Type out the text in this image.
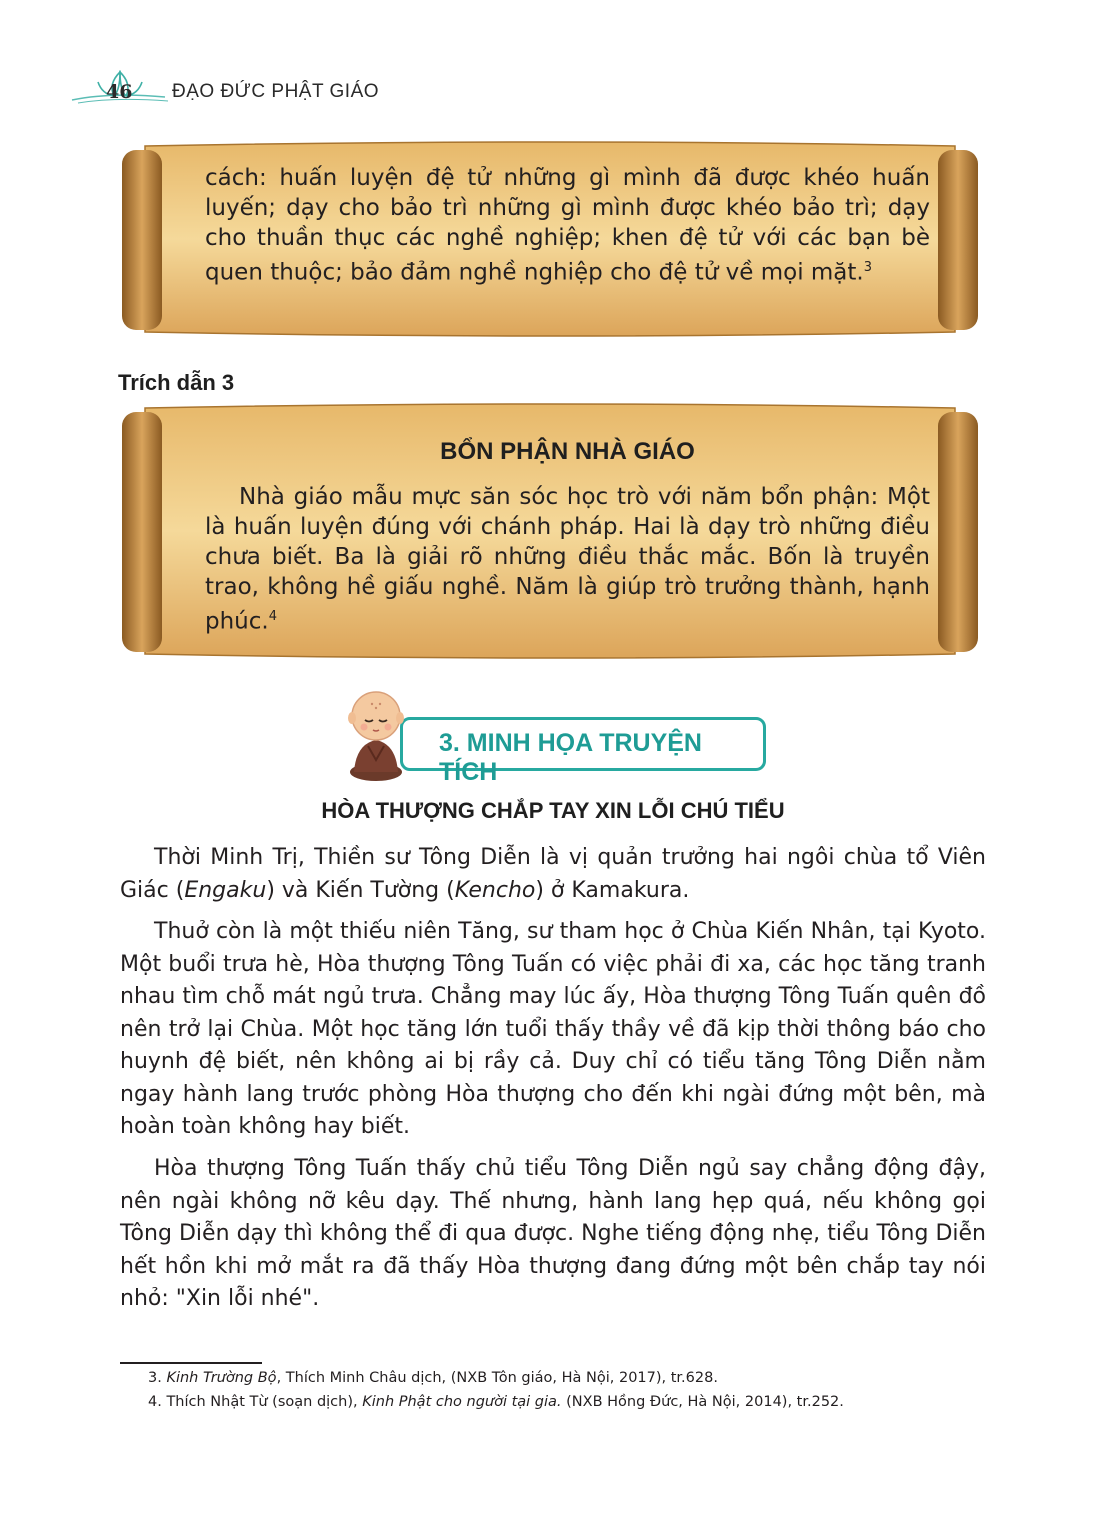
46 ĐẠO ĐỨC PHẬT GIÁO
cách: huấn luyện đệ tử những gì mình đã được khéo huấn luyến; dạy cho bảo trì những gì mình được khéo bảo trì; dạy cho thuần thục các nghề nghiệp; khen đệ tử với các bạn bè quen thuộc; bảo đảm nghề nghiệp cho đệ tử về mọi mặt.$^3$
Trích dẫn 3
BỔN PHẬN NHÀ GIÁO
Nhà giáo mẫu mực săn sóc học trò với năm bổn phận: Một là huấn luyện đúng với chánh pháp. Hai là dạy trò những điều chưa biết. Ba là giải rõ những điều thắc mắc. Bốn là truyền trao, không hề giấu nghề. Năm là giúp trò trưởng thành, hạnh phúc.$^4$
3. MINH HỌA TRUYỆN TÍCH
HÒA THƯỢNG CHẮP TAY XIN LỖI CHÚ TIỂU

Thời Minh Trị, Thiền sư Tông Diễn là vị quản trưởng hai ngôi chùa tổ Viên Giác (Engaku) và Kiến Tường (Kencho) ở Kamakura.

Thuở còn là một thiếu niên Tăng, sư tham học ở Chùa Kiến Nhân, tại Kyoto. Một buổi trưa hè, Hòa thượng Tông Tuấn có việc phải đi xa, các học tăng tranh nhau tìm chỗ mát ngủ trưa. Chẳng may lúc ấy, Hòa thượng Tông Tuấn quên đồ nên trở lại Chùa. Một học tăng lớn tuổi thấy thầy về đã kịp thời thông báo cho huynh đệ biết, nên không ai bị rầy cả. Duy chỉ có tiểu tăng Tông Diễn nằm ngay hành lang trước phòng Hòa thượng cho đến khi ngài đứng một bên, mà hoàn toàn không hay biết.

Hòa thượng Tông Tuấn thấy chủ tiểu Tông Diễn ngủ say chẳng động đậy, nên ngài không nỡ kêu dạy. Thế nhưng, hành lang hẹp quá, nếu không gọi Tông Diễn dạy thì không thể đi qua được. Nghe tiếng động nhẹ, tiểu Tông Diễn hết hồn khi mở mắt ra đã thấy Hòa thượng đang đứng một bên chắp tay nói nhỏ: "Xin lỗi nhé".

3. Kinh Trường Bộ, Thích Minh Châu dịch, (NXB Tôn giáo, Hà Nội, 2017), tr.628.

4. Thích Nhật Từ (soạn dịch), Kinh Phật cho người tại gia. (NXB Hồng Đức, Hà Nội, 2014), tr.252.
